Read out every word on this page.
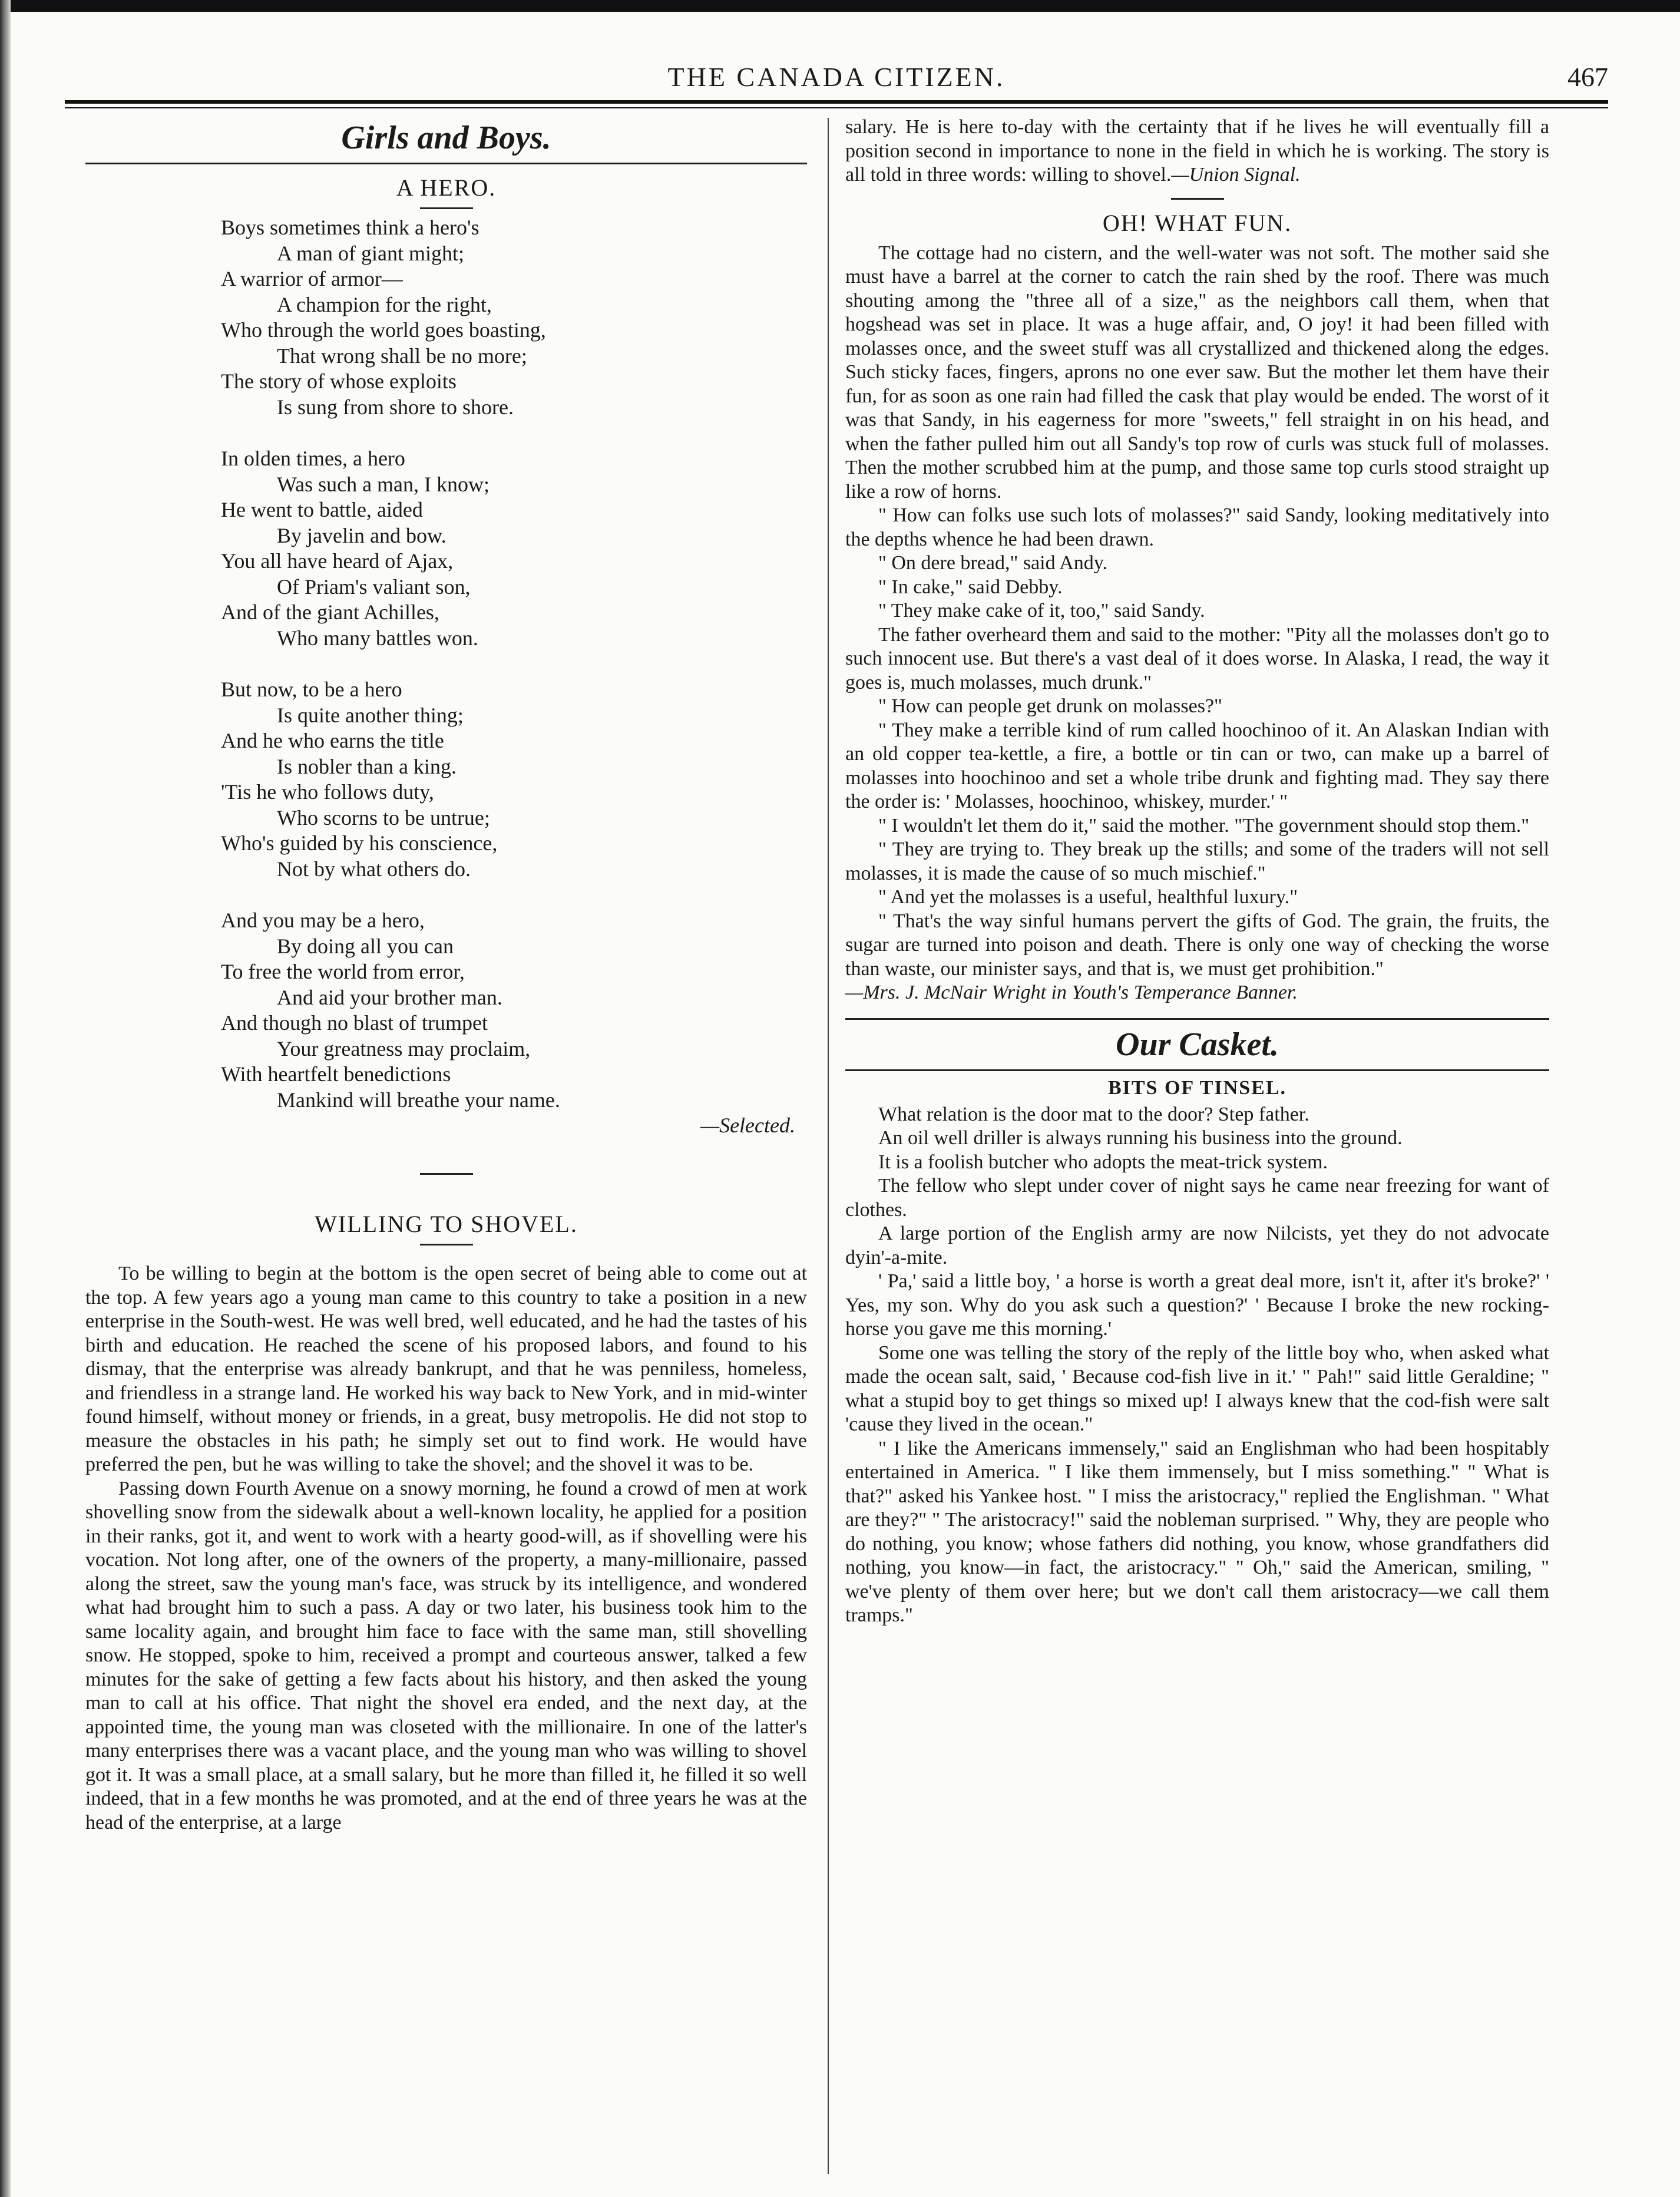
THE CANADA CITIZEN.	467
Girls and Boys.
A HERO.
Boys sometimes think a hero's
A man of giant might;
A warrior of armor—
A champion for the right,
Who through the world goes boasting,
That wrong shall be no more;
The story of whose exploits
Is sung from shore to shore.
In olden times, a hero
Was such a man, I know;
He went to battle, aided
By javelin and bow.
You all have heard of Ajax,
Of Priam's valiant son,
And of the giant Achilles,
Who many battles won.
But now, to be a hero
Is quite another thing;
And he who earns the title
Is nobler than a king.
'Tis he who follows duty,
Who scorns to be untrue;
Who's guided by his conscience,
Not by what others do.
And you may be a hero,
By doing all you can
To free the world from error,
And aid your brother man.
And though no blast of trumpet
Your greatness may proclaim,
With heartfelt benedictions
Mankind will breathe your name.
—Selected.
WILLING TO SHOVEL.

To be willing to begin at the bottom is the open secret of being able to come out at the top. A few years ago a young man came to this country to take a position in a new enterprise in the South-west. He was well bred, well educated, and he had the tastes of his birth and education. He reached the scene of his proposed labors, and found to his dismay, that the enterprise was already bankrupt, and that he was penniless, homeless, and friendless in a strange land. He worked his way back to New York, and in mid-winter found himself, without money or friends, in a great, busy metropolis. He did not stop to measure the obstacles in his path; he simply set out to find work. He would have preferred the pen, but he was willing to take the shovel; and the shovel it was to be.

Passing down Fourth Avenue on a snowy morning, he found a crowd of men at work shovelling snow from the sidewalk about a well-known locality, he applied for a position in their ranks, got it, and went to work with a hearty good-will, as if shovelling were his vocation. Not long after, one of the owners of the property, a many-millionaire, passed along the street, saw the young man's face, was struck by its intelligence, and wondered what had brought him to such a pass. A day or two later, his business took him to the same locality again, and brought him face to face with the same man, still shovelling snow. He stopped, spoke to him, received a prompt and courteous answer, talked a few minutes for the sake of getting a few facts about his history, and then asked the young man to call at his office. That night the shovel era ended, and the next day, at the appointed time, the young man was closeted with the millionaire. In one of the latter's many enterprises there was a vacant place, and the young man who was willing to shovel got it. It was a small place, at a small salary, but he more than filled it, he filled it so well indeed, that in a few months he was promoted, and at the end of three years he was at the head of the enterprise, at a large

salary. He is here to-day with the certainty that if he lives he will eventually fill a position second in importance to none in the field in which he is working. The story is all told in three words: willing to shovel.—Union Signal.

OH! WHAT FUN.

The cottage had no cistern, and the well-water was not soft. The mother said she must have a barrel at the corner to catch the rain shed by the roof. There was much shouting among the "three all of a size," as the neighbors call them, when that hogshead was set in place. It was a huge affair, and, O joy! it had been filled with molasses once, and the sweet stuff was all crystallized and thickened along the edges. Such sticky faces, fingers, aprons no one ever saw. But the mother let them have their fun, for as soon as one rain had filled the cask that play would be ended. The worst of it was that Sandy, in his eagerness for more "sweets," fell straight in on his head, and when the father pulled him out all Sandy's top row of curls was stuck full of molasses. Then the mother scrubbed him at the pump, and those same top curls stood straight up like a row of horns.

" How can folks use such lots of molasses?" said Sandy, looking meditatively into the depths whence he had been drawn.

" On dere bread," said Andy.

" In cake," said Debby.

" They make cake of it, too," said Sandy.

The father overheard them and said to the mother: "Pity all the molasses don't go to such innocent use. But there's a vast deal of it does worse. In Alaska, I read, the way it goes is, much molasses, much drunk."

" How can people get drunk on molasses?"

" They make a terrible kind of rum called hoochinoo of it. An Alaskan Indian with an old copper tea-kettle, a fire, a bottle or tin can or two, can make up a barrel of molasses into hoochinoo and set a whole tribe drunk and fighting mad. They say there the order is: ' Molasses, hoochinoo, whiskey, murder.' "

" I wouldn't let them do it," said the mother. "The government should stop them."

" They are trying to. They break up the stills; and some of the traders will not sell molasses, it is made the cause of so much mischief."

" And yet the molasses is a useful, healthful luxury."

" That's the way sinful humans pervert the gifts of God. The grain, the fruits, the sugar are turned into poison and death. There is only one way of checking the worse than waste, our minister says, and that is, we must get prohibition."

—Mrs. J. McNair Wright in Youth's Temperance Banner.

Our Casket.
BITS OF TINSEL.

What relation is the door mat to the door? Step father.

An oil well driller is always running his business into the ground.

It is a foolish butcher who adopts the meat-trick system.

The fellow who slept under cover of night says he came near freezing for want of clothes.

A large portion of the English army are now Nilcists, yet they do not advocate dyin'-a-mite.

' Pa,' said a little boy, ' a horse is worth a great deal more, isn't it, after it's broke?' ' Yes, my son. Why do you ask such a question?' ' Because I broke the new rocking-horse you gave me this morning.'

Some one was telling the story of the reply of the little boy who, when asked what made the ocean salt, said, ' Because cod-fish live in it.' " Pah!" said little Geraldine; " what a stupid boy to get things so mixed up! I always knew that the cod-fish were salt 'cause they lived in the ocean."

" I like the Americans immensely," said an Englishman who had been hospitably entertained in America. " I like them immensely, but I miss something." " What is that?" asked his Yankee host. " I miss the aristocracy," replied the Englishman. " What are they?" " The aristocracy!" said the nobleman surprised. " Why, they are people who do nothing, you know; whose fathers did nothing, you know, whose grandfathers did nothing, you know—in fact, the aristocracy." " Oh," said the American, smiling, " we've plenty of them over here; but we don't call them aristocracy—we call them tramps."
